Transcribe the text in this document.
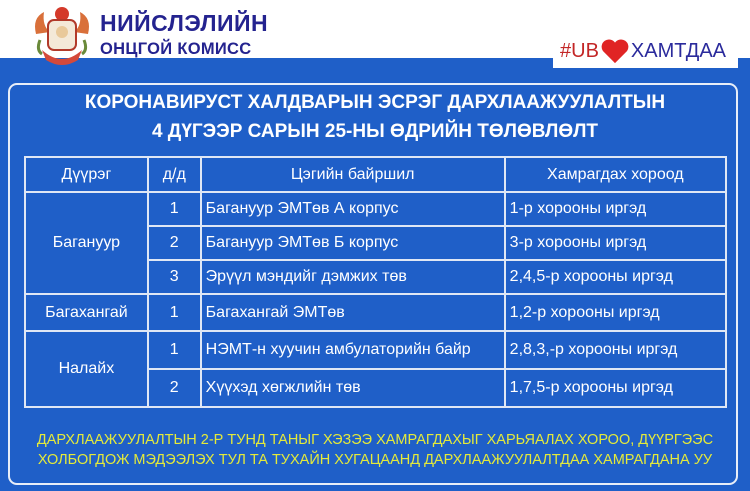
НИЙСЛЭЛИЙН
ОНЦГОЙ КОМИСС	#UB ХАМТДАА
КОРОНАВИРУСТ ХАЛДВАРЫН ЭСРЭГ ДАРХЛААЖУУЛАЛТЫН
4 ДҮГЭЭР САРЫН 25-НЫ ӨДРИЙН ТӨЛӨВЛӨЛТ
Дүүрэг	д/д	Цэгийн байршил	Хамрагдах хороод
Багануур	1	Багануур ЭМТөв А корпус	1-р хорооны иргэд
	2	Багануур ЭМТөв Б корпус	3-р хорооны иргэд
	3	Эрүүл мэндийг дэмжих төв	2,4,5-р хорооны иргэд
Багахангай	1	Багахангай ЭМТөв	1,2-р хорооны иргэд
Налайх	1	НЭМТ-н хуучин амбулаторийн байр	2,8,3,-р хорооны иргэд
	2	Хүүхэд хөгжлийн төв	1,7,5-р хорооны иргэд
ДАРХЛААЖУУЛАЛТЫН 2-Р ТУНД ТАНЫГ ХЭЗЭЭ ХАМРАГДАХЫГ ХАРЬЯАЛАХ ХОРОО, ДҮҮРГЭЭС
ХОЛБОГДОЖ МЭДЭЭЛЭХ ТУЛ ТА ТУХАЙН ХУГАЦААНД ДАРХЛААЖУУЛАЛТДАА ХАМРАГДАНА УУ
